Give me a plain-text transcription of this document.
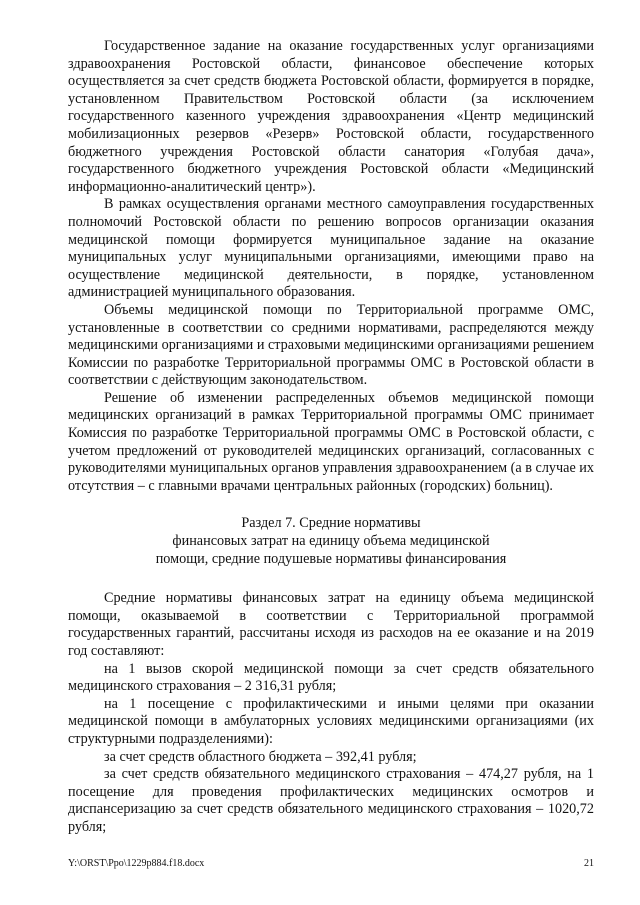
Государственное задание на оказание государственных услуг организациями здравоохранения Ростовской области, финансовое обеспечение которых осуществляется за счет средств бюджета Ростовской области, формируется в порядке, установленном Правительством Ростовской области (за исключением государственного казенного учреждения здравоохранения «Центр медицинский мобилизационных резервов «Резерв» Ростовской области, государственного бюджетного учреждения Ростовской области санатория «Голубая дача», государственного бюджетного учреждения Ростовской области «Медицинский информационно-аналитический центр»).

В рамках осуществления органами местного самоуправления государственных полномочий Ростовской области по решению вопросов организации оказания медицинской помощи формируется муниципальное задание на оказание муниципальных услуг муниципальными организациями, имеющими право на осуществление медицинской деятельности, в порядке, установленном администрацией муниципального образования.

Объемы медицинской помощи по Территориальной программе ОМС, установленные в соответствии со средними нормативами, распределяются между медицинскими организациями и страховыми медицинскими организациями решением Комиссии по разработке Территориальной программы ОМС в Ростовской области в соответствии с действующим законодательством.

Решение об изменении распределенных объемов медицинской помощи медицинских организаций в рамках Территориальной программы ОМС принимает Комиссия по разработке Территориальной программы ОМС в Ростовской области, с учетом предложений от руководителей медицинских организаций, согласованных с руководителями муниципальных органов управления здравоохранением (а в случае их отсутствия – с главными врачами центральных районных (городских) больниц).

Раздел 7. Средние нормативы

финансовых затрат на единицу объема медицинской

помощи, средние подушевые нормативы финансирования

Средние нормативы финансовых затрат на единицу объема медицинской помощи, оказываемой в соответствии с Территориальной программой государственных гарантий, рассчитаны исходя из расходов на ее оказание и на 2019 год составляют:

на 1 вызов скорой медицинской помощи за счет средств обязательного медицинского страхования – 2 316,31 рубля;

на 1 посещение с профилактическими и иными целями при оказании медицинской помощи в амбулаторных условиях медицинскими организациями (их структурными подразделениями):

за счет средств областного бюджета – 392,41 рубля;

за счет средств обязательного медицинского страхования – 474,27 рубля, на 1 посещение для проведения профилактических медицинских осмотров и диспансеризацию за счет средств обязательного медицинского страхования – 1020,72 рубля;

Y:\ORST\Ppo\1229p884.f18.docx	21
